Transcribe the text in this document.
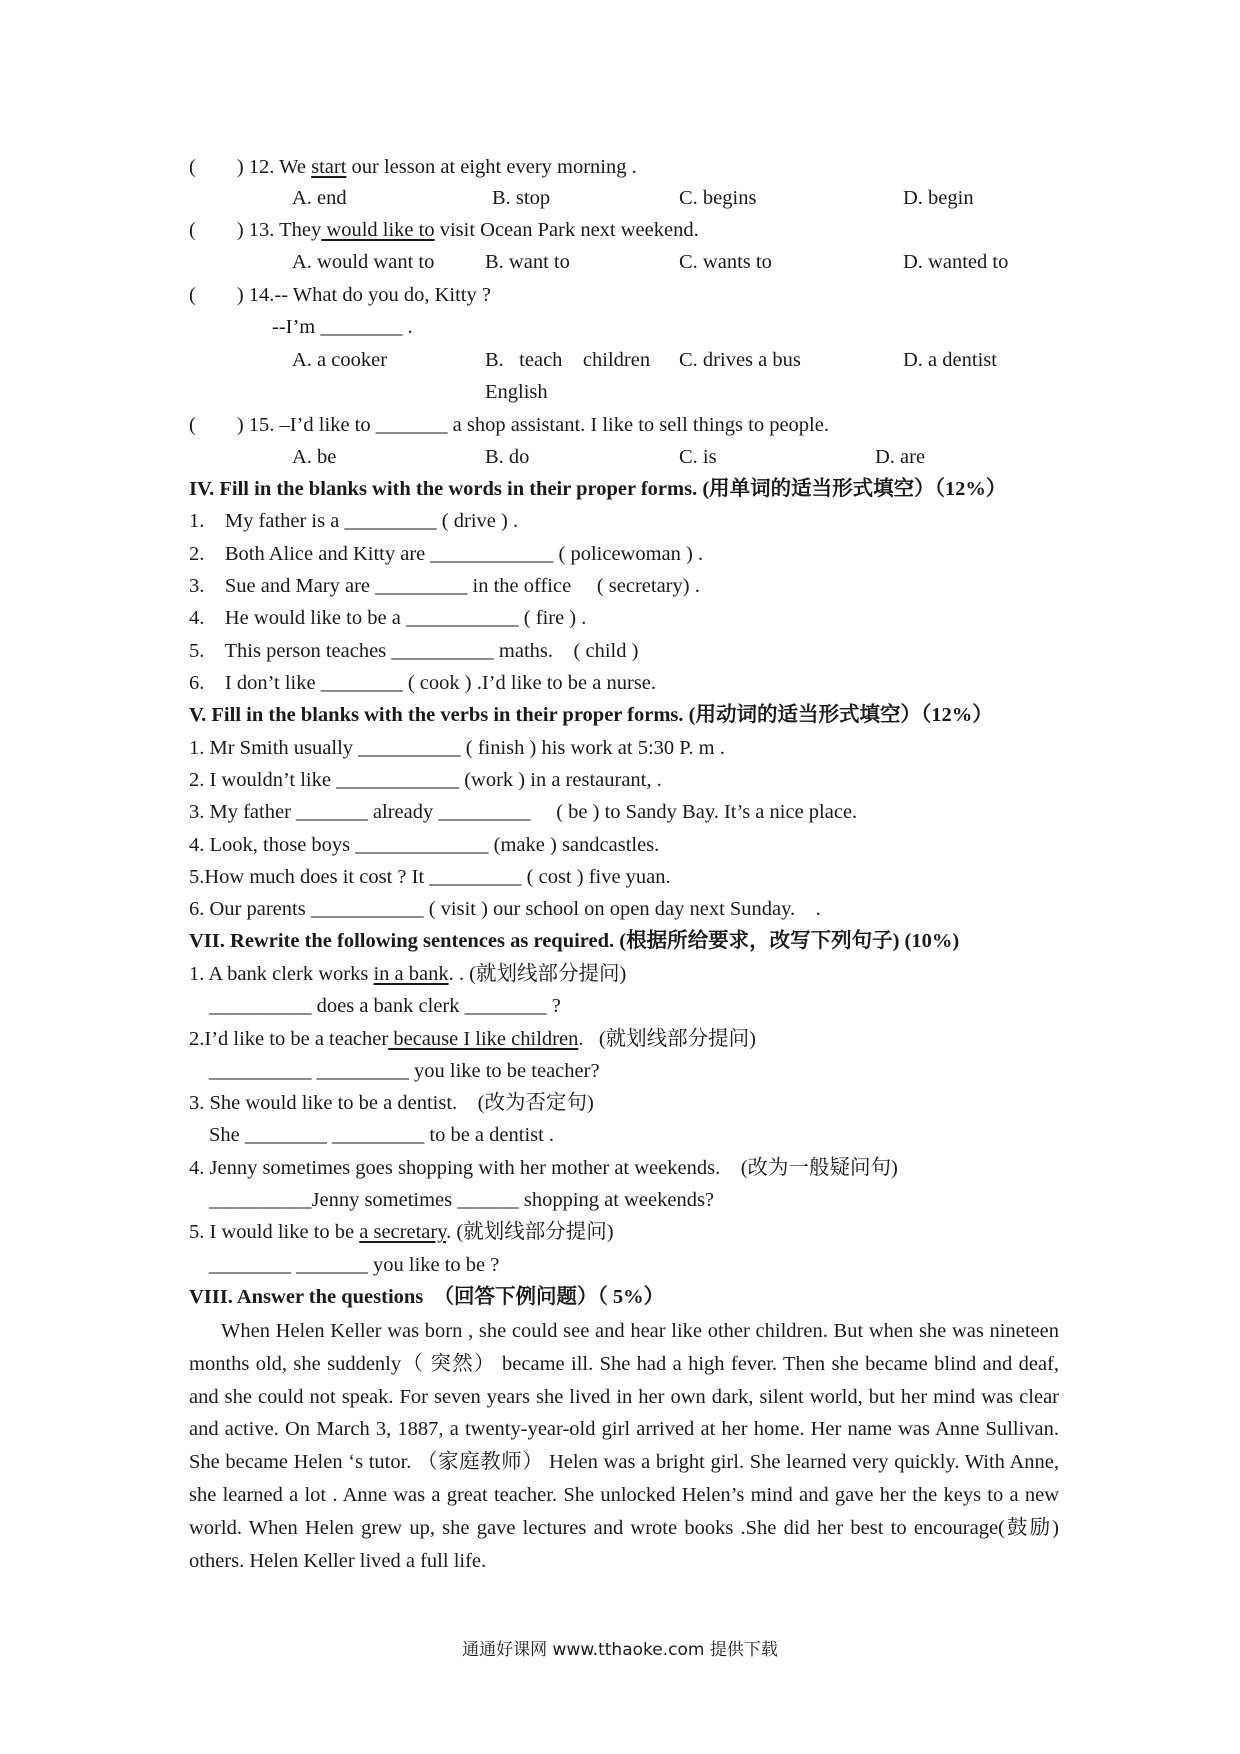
(        ) 12. We start our lesson at eight every morning .
A. end	B. stop	C. begins	D. begin
(        ) 13. They would like to visit Ocean Park next weekend.
A. would want to B. want to	C. wants to	D. wanted to
(        ) 14.-- What do you do, Kitty ?
--I’m ________ .
A. a cooker	B.   teach    children C. drives a bus	D. a dentist
English
(        ) 15. –I’d like to _______ a shop assistant. I like to sell things to people.
A. be	B. do	C. is	D. are
IV. Fill in the blanks with the words in their proper forms. (用单词的适当形式填空）（12%）
1.    My father is a _________ ( drive ) .
2.    Both Alice and Kitty are ____________ ( policewoman ) .
3.    Sue and Mary are _________ in the office     ( secretary) .
4.    He would like to be a ___________ ( fire ) .
5.    This person teaches __________ maths.    ( child )
6.    I don’t like ________ ( cook ) .I’d like to be a nurse.
V. Fill in the blanks with the verbs in their proper forms. (用动词的适当形式填空）（12%）
1. Mr Smith usually __________ ( finish ) his work at 5:30 P. m .
2. I wouldn’t like ____________ (work ) in a restaurant, .
3. My father _______ already _________     ( be ) to Sandy Bay. It’s a nice place.
4. Look, those boys _____________ (make ) sandcastles.
5.How much does it cost ? It _________ ( cost ) five yuan.
6. Our parents ___________ ( visit ) our school on open day next Sunday.    .
VII. Rewrite the following sentences as required. (根据所给要求，改写下列句子) (10%)
1. A bank clerk works in a bank. . (就划线部分提问)
__________ does a bank clerk ________ ?
2.I’d like to be a teacher because I like children.   (就划线部分提问)
__________ _________ you like to be teacher?
3. She would like to be a dentist.    (改为否定句)
She ________ _________ to be a dentist .
4. Jenny sometimes goes shopping with her mother at weekends.    (改为一般疑问句)
__________Jenny sometimes ______ shopping at weekends?
5. I would like to be a secretary. (就划线部分提问)
________ _______ you like to be ?
VIII. Answer the questions  （回答下例问题）（ 5%）
When Helen Keller was born , she could see and hear like other children. But when she was nineteen months old, she suddenly（ 突然） became ill. She had a high fever. Then she became blind and deaf, and she could not speak. For seven years she lived in her own dark, silent world, but her mind was clear and active. On March 3, 1887, a twenty-year-old girl arrived at her home. Her name was Anne Sullivan. She became Helen ‘s tutor. （家庭教师） Helen was a bright girl. She learned very quickly. With Anne, she learned a lot . Anne was a great teacher. She unlocked Helen’s mind and gave her the keys to a new world. When Helen grew up, she gave lectures and wrote books .She did her best to encourage(鼓励) others. Helen Keller lived a full life.
通通好课网 www.tthaoke.com 提供下载
